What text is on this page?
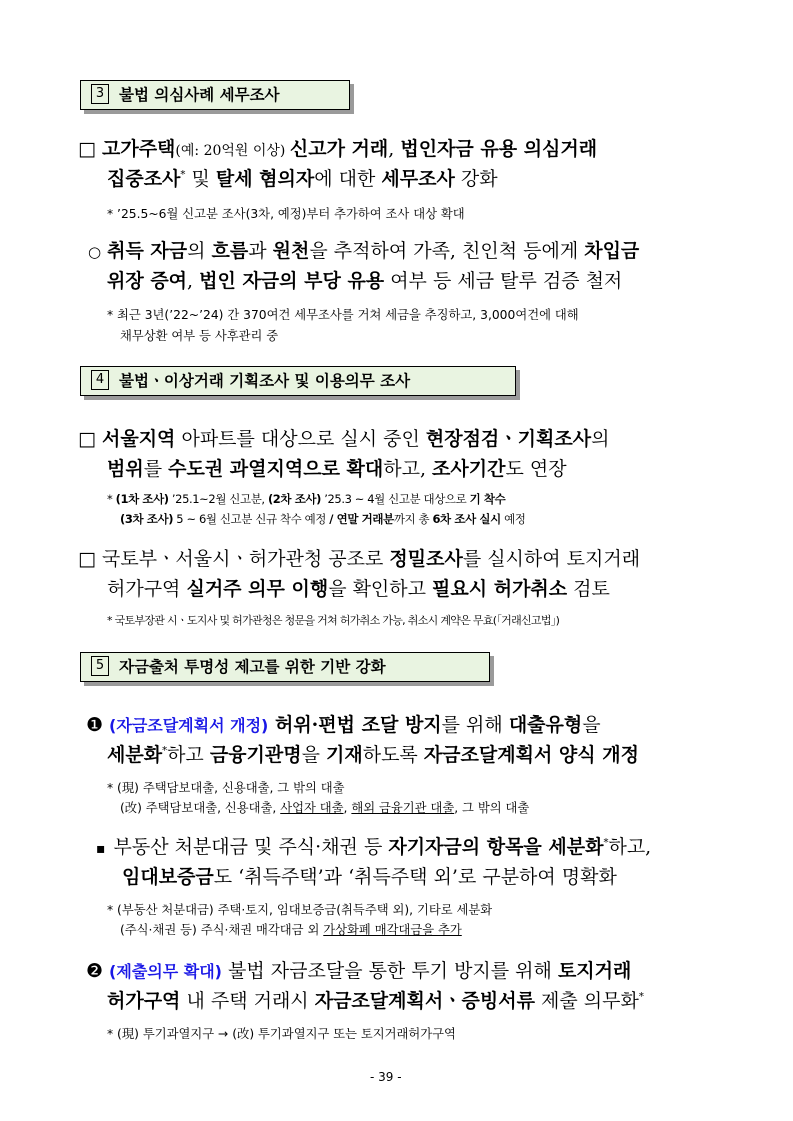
3 불법 의심사례 세무조사
□ 고가주택(예: 20억원 이상) 신고가 거래, 법인자금 유용 의심거래
집중조사* 및 탈세 혐의자에 대한 세무조사 강화
* ’25.5~6월 신고분 조사(3차, 예정)부터 추가하여 조사 대상 확대
○ 취득 자금의 흐름과 원천을 추적하여 가족, 친인척 등에게 차입금
위장 증여, 법인 자금의 부당 유용 여부 등 세금 탈루 검증 철저
* 최근 3년(’22~’24) 간 370여건 세무조사를 거쳐 세금을 추징하고, 3,000여건에 대해
채무상환 여부 등 사후관리 중
4 불법ㆍ이상거래 기획조사 및 이용의무 조사
□ 서울지역 아파트를 대상으로 실시 중인 현장점검ㆍ기획조사의
범위를 수도권 과열지역으로 확대하고, 조사기간도 연장
* (1차 조사) ’25.1~2월 신고분, (2차 조사) ’25.3 ~ 4월 신고분 대상으로 기 착수
(3차 조사) 5 ~ 6월 신고분 신규 착수 예정 / 연말 거래분까지 총 6차 조사 실시 예정
□ 국토부ㆍ서울시ㆍ허가관청 공조로 정밀조사를 실시하여 토지거래
허가구역 실거주 의무 이행을 확인하고 필요시 허가취소 검토
* 국토부장관 시ㆍ도지사 및 허가관청은 청문을 거쳐 허가취소 가능, 취소시 계약은 무효(「거래신고법」)
5 자금출처 투명성 제고를 위한 기반 강화
❶ (자금조달계획서 개정) 허위·편법 조달 방지를 위해 대출유형을
세분화*하고 금융기관명을 기재하도록 자금조달계획서 양식 개정
* (現) 주택담보대출, 신용대출, 그 밖의 대출
(改) 주택담보대출, 신용대출, 사업자 대출, 해외 금융기관 대출, 그 밖의 대출
▪ 부동산 처분대금 및 주식·채권 등 자기자금의 항목을 세분화*하고,
임대보증금도 ‘취득주택’과 ‘취득주택 외’로 구분하여 명확화
* (부동산 처분대금) 주택·토지, 임대보증금(취득주택 외), 기타로 세분화
(주식·채권 등) 주식·채권 매각대금 외 가상화폐 매각대금을 추가
❷ (제출의무 확대) 불법 자금조달을 통한 투기 방지를 위해 토지거래
허가구역 내 주택 거래시 자금조달계획서ㆍ증빙서류 제출 의무화*
* (現) 투기과열지구 → (改) 투기과열지구 또는 토지거래허가구역
- 39 -
